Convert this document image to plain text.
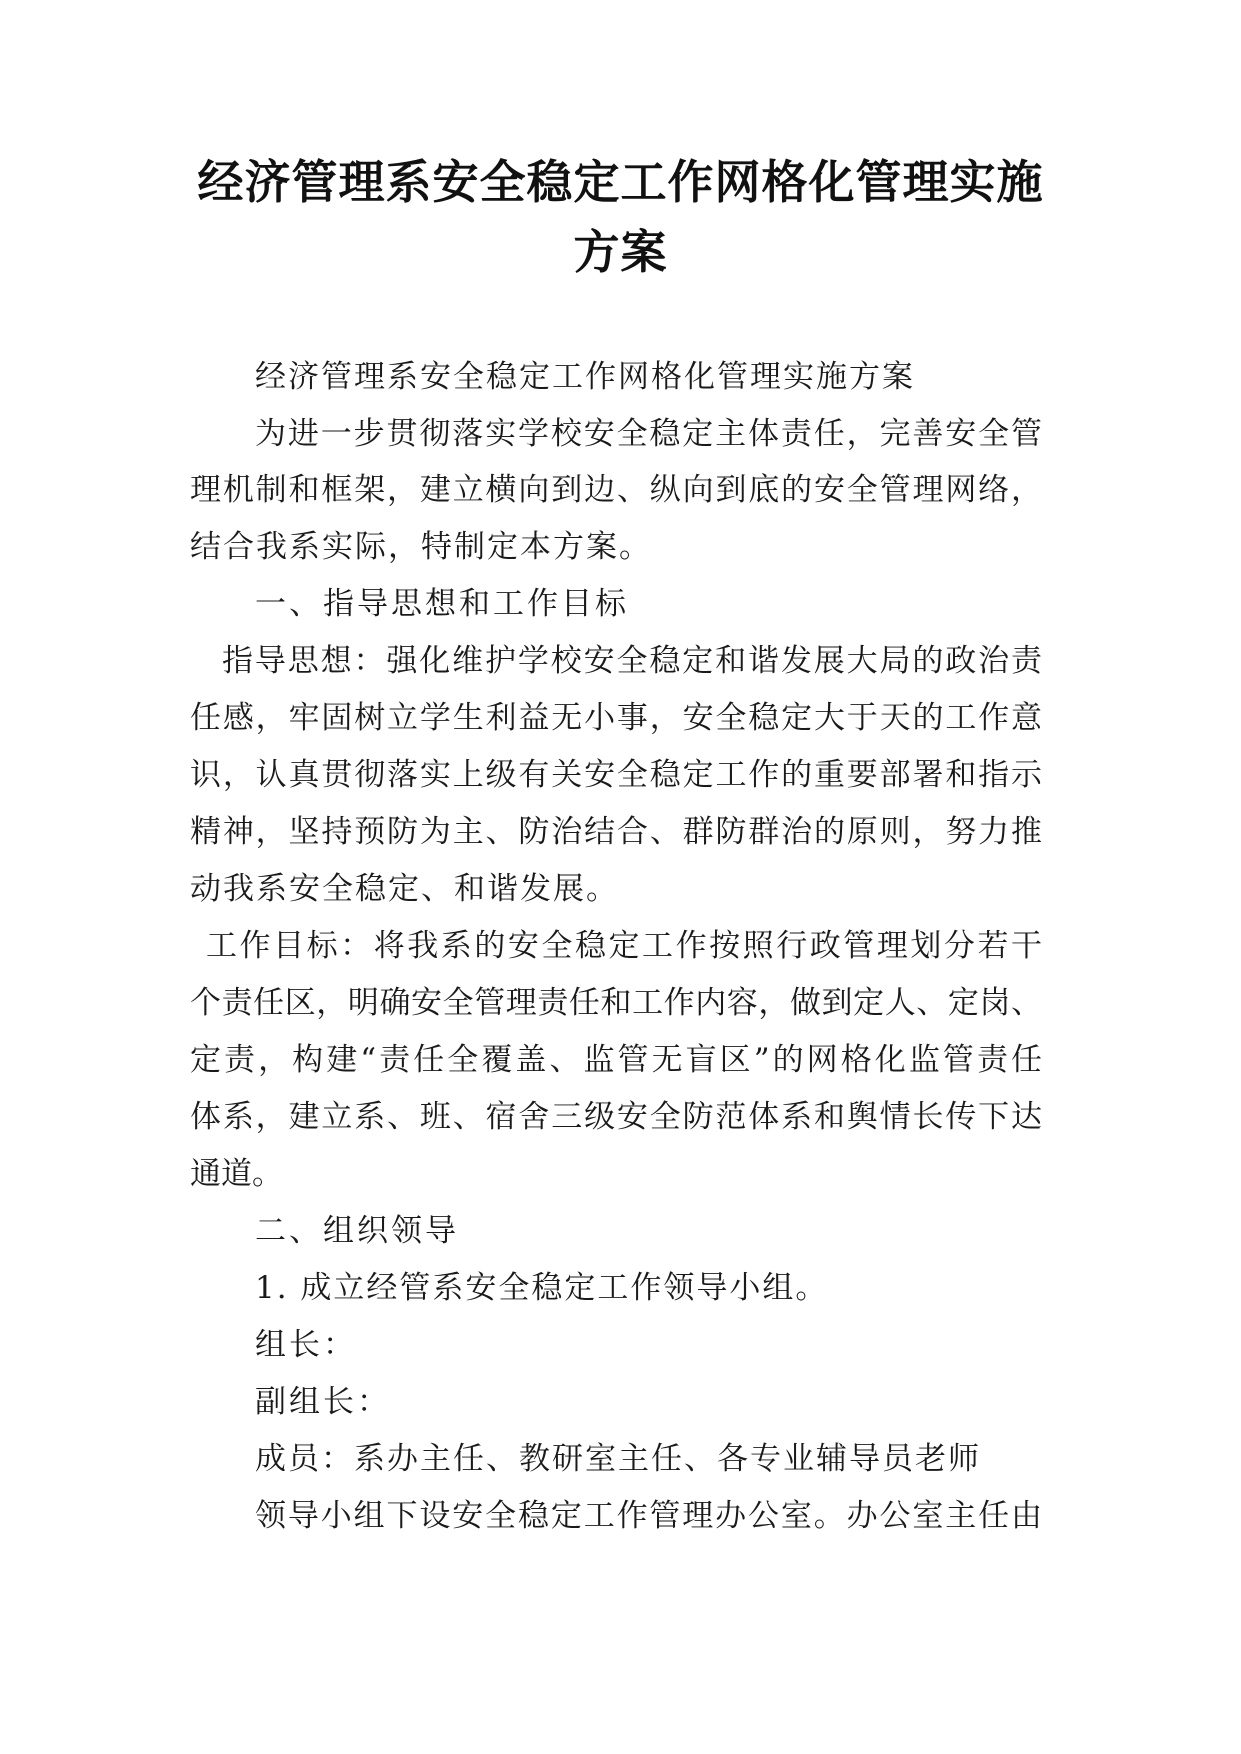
经济管理系安全稳定工作网格化管理实施
方案
经济管理系安全稳定工作网格化管理实施方案
为进一步贯彻落实学校安全稳定主体责任，完善安全管
理机制和框架，建立横向到边、纵向到底的安全管理网络，
结合我系实际，特制定本方案。
一、指导思想和工作目标
指导思想：强化维护学校安全稳定和谐发展大局的政治责
任感，牢固树立学生利益无小事，安全稳定大于天的工作意
识，认真贯彻落实上级有关安全稳定工作的重要部署和指示
精神，坚持预防为主、防治结合、群防群治的原则，努力推
动我系安全稳定、和谐发展。
工作目标：将我系的安全稳定工作按照行政管理划分若干
个责任区，明确安全管理责任和工作内容，做到定人、定岗、
定责，构建“责任全覆盖、监管无盲区”的网格化监管责任
体系，建立系、班、宿舍三级安全防范体系和舆情长传下达
通道。
二、组织领导
1. 成立经管系安全稳定工作领导小组。
组长：
副组长：
成员：系办主任、教研室主任、各专业辅导员老师
领导小组下设安全稳定工作管理办公室。办公室主任由
